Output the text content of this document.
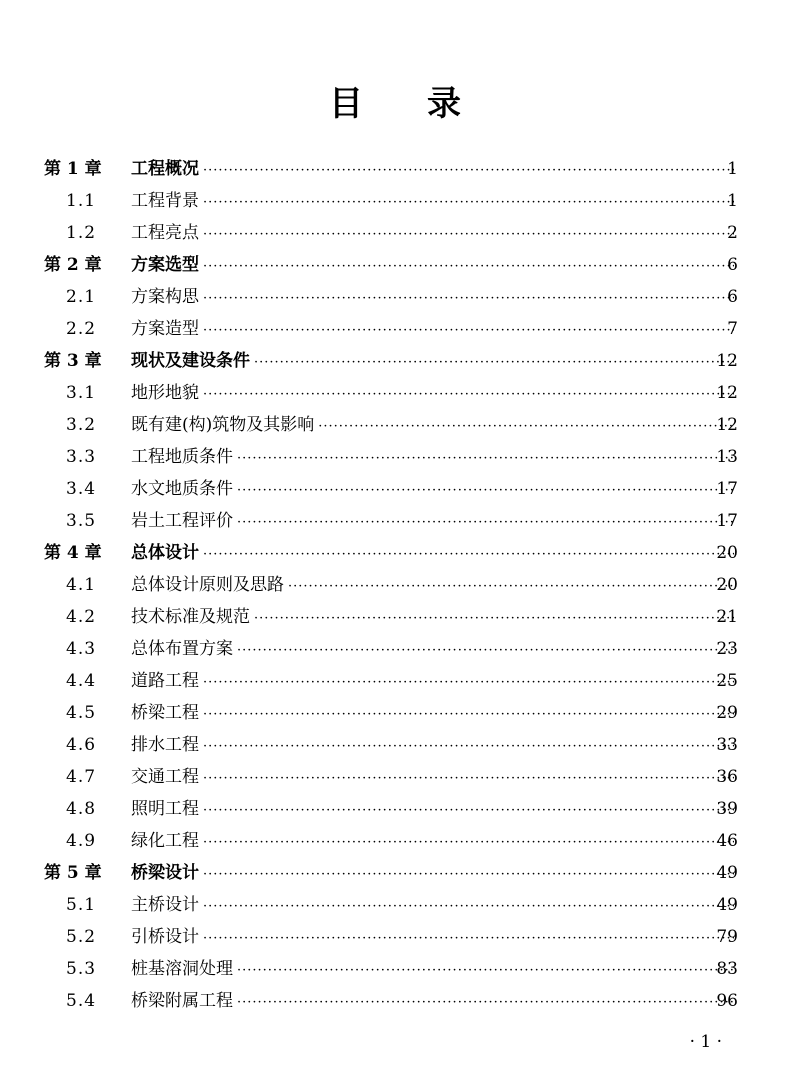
目 录
第 1 章 工程概况 ·····	1
1.1 工程背景 ·····	1
1.2 工程亮点 ·····	2
第 2 章 方案选型 ·····	6
2.1 方案构思 ·····	6
2.2 方案造型 ·····	7
第 3 章 现状及建设条件 ·····	12
3.1 地形地貌 ·····	12
3.2 既有建(构)筑物及其影响 ·····	12
3.3 工程地质条件 ·····	13
3.4 水文地质条件 ·····	17
3.5 岩土工程评价 ·····	17
第 4 章 总体设计 ·····	20
4.1 总体设计原则及思路 ·····	20
4.2 技术标准及规范 ·····	21
4.3 总体布置方案 ·····	23
4.4 道路工程 ·····	25
4.5 桥梁工程 ·····	29
4.6 排水工程 ·····	33
4.7 交通工程 ·····	36
4.8 照明工程 ·····	39
4.9 绿化工程 ·····	46
第 5 章 桥梁设计 ·····	49
5.1 主桥设计 ·····	49
5.2 引桥设计 ·····	79
5.3 桩基溶洞处理 ·····	83
5.4 桥梁附属工程 ·····	96
· 1 ·
